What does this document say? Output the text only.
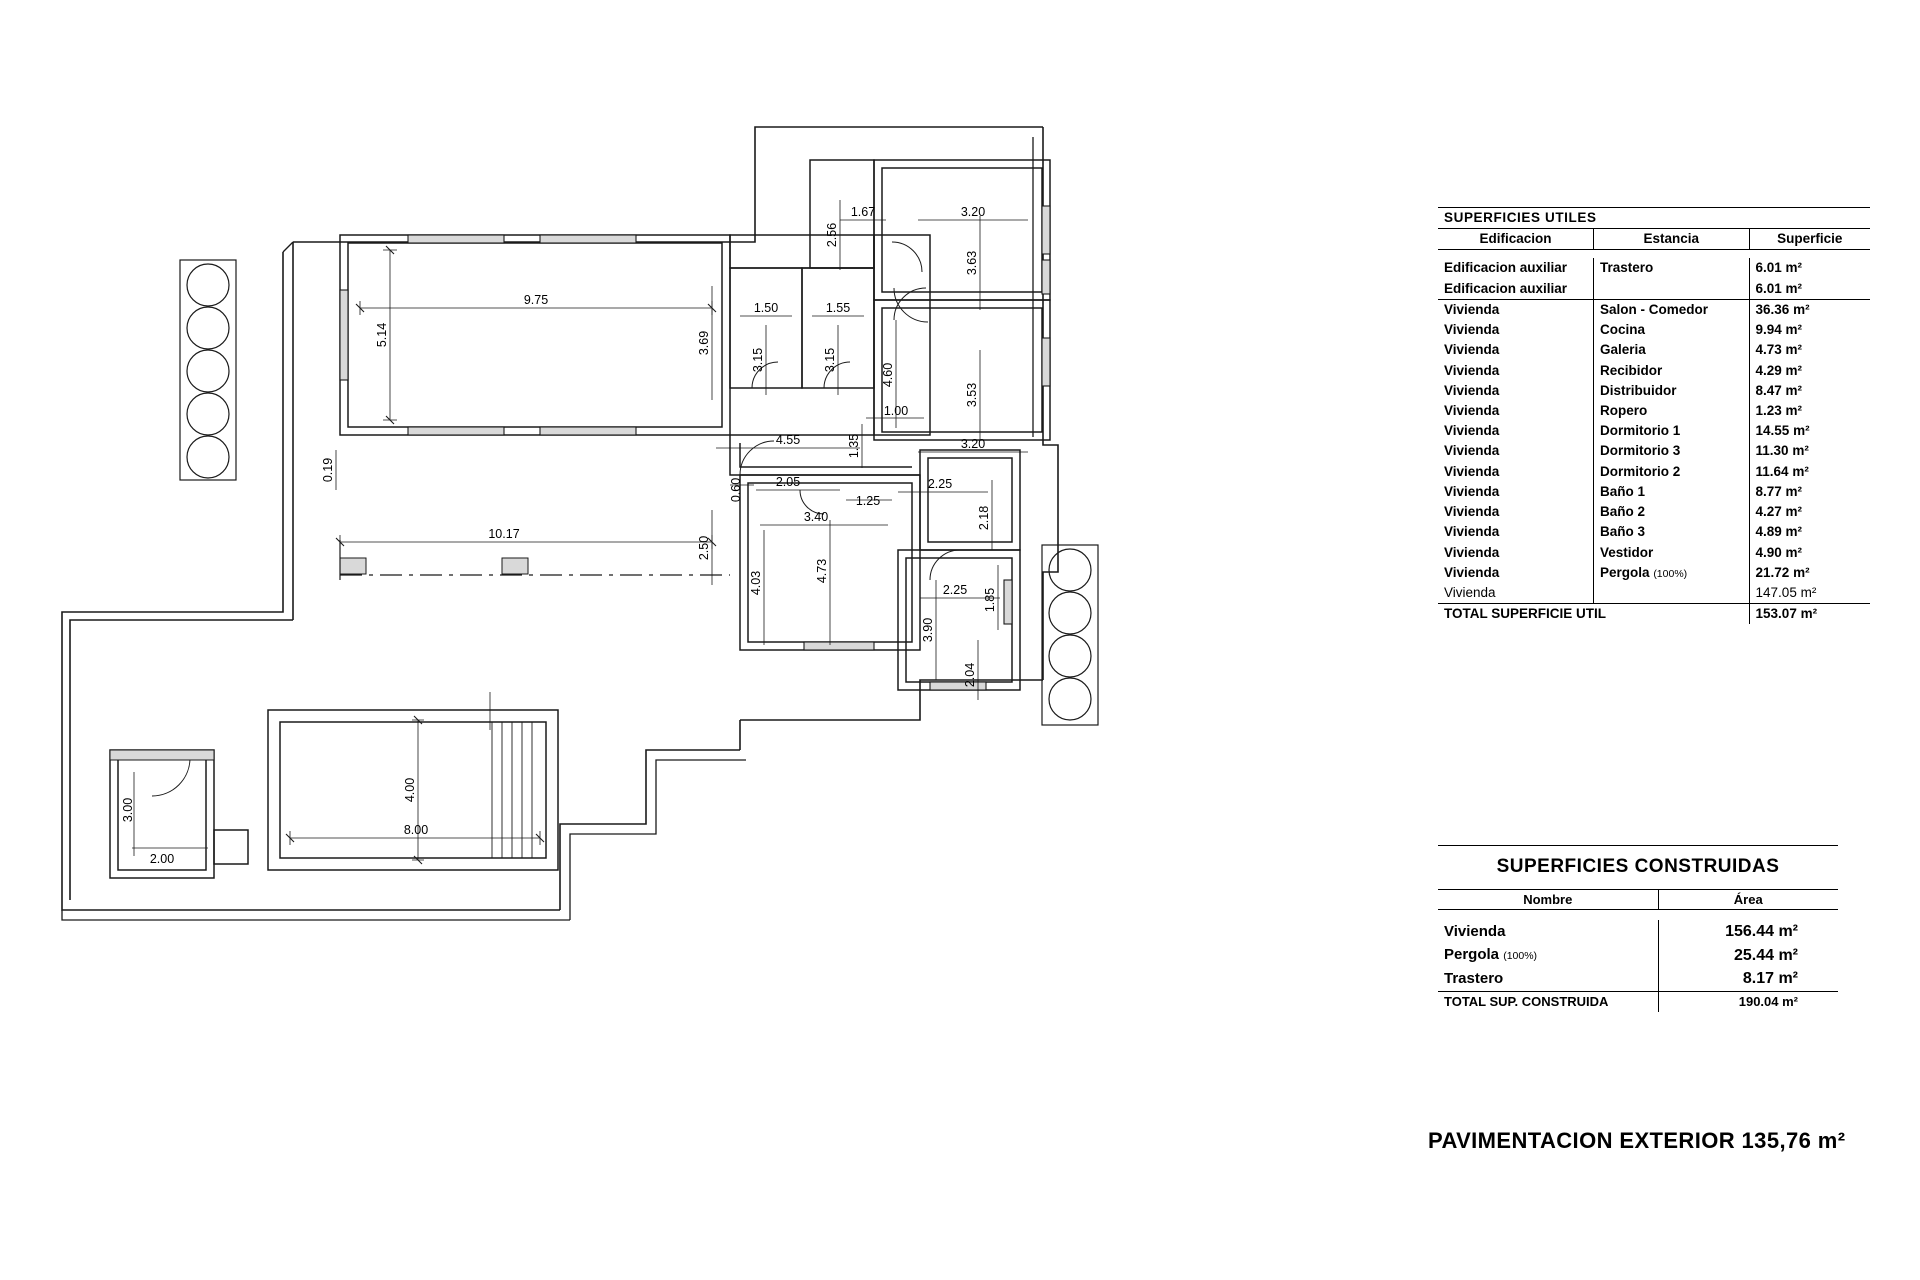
9.75
5.14	3.69
1.50	1.55
3.15	3.15
1.67
2.56
3.20
3.63
3.53
3.20
4.60
1.00
4.55	1.35
0.19
10.17
2.50
0.60	2.05
1.25
2.25
2.18
3.40
4.03	4.73
2.25 1.85
3.90
2.04
3.00
2.00
4.00
8.00
SUPERFICIES UTILES		
Edificacion	Estancia	Superficie

Edificacion auxiliar	Trastero	6.01 m²
Edificacion auxiliar		6.01 m²
Vivienda	Salon - Comedor	36.36 m²
Vivienda	Cocina	9.94 m²
Vivienda	Galeria	4.73 m²
Vivienda	Recibidor	4.29 m²
Vivienda	Distribuidor	8.47 m²
Vivienda	Ropero	1.23 m²
Vivienda	Dormitorio 1	14.55 m²
Vivienda	Dormitorio 3	11.30 m²
Vivienda	Dormitorio 2	11.64 m²
Vivienda	Baño 1	8.77 m²
Vivienda	Baño 2	4.27 m²
Vivienda	Baño 3	4.89 m²
Vivienda	Vestidor	4.90 m²
Vivienda	Pergola (100%)	21.72 m²
Vivienda		147.05 m²
TOTAL SUPERFICIE UTIL		153.07 m²
SUPERFICIES CONSTRUIDAS	
Nombre	Área

Vivienda	156.44 m²
Pergola (100%)	25.44 m²
Trastero	8.17 m²
TOTAL SUP. CONSTRUIDA	190.04 m²
PAVIMENTACION EXTERIOR 135,76 m²
